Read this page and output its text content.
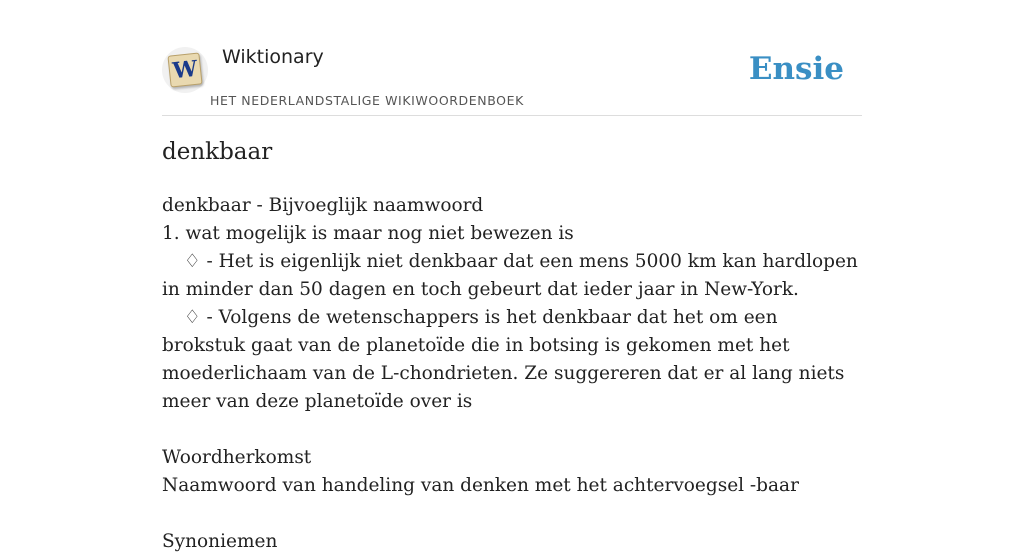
W Wiktionary
HET NEDERLANDSTALIGE WIKIWOORDENBOEK
Ensie
denkbaar

denkbaar - Bijvoeglijk naamwoord

1. wat mogelijk is maar nog niet bewezen is

♢ - Het is eigenlijk niet denkbaar dat een mens 5000 km kan hardlopen in minder dan 50 dagen en toch gebeurt dat ieder jaar in New-York.

♢ - Volgens de wetenschappers is het denkbaar dat het om een brokstuk gaat van de planetoïde die in botsing is gekomen met het moederlichaam van de L-chondrieten. Ze suggereren dat er al lang niets meer van deze planetoïde over is

Woordherkomst

Naamwoord van handeling van denken met het achtervoegsel -baar

Synoniemen
